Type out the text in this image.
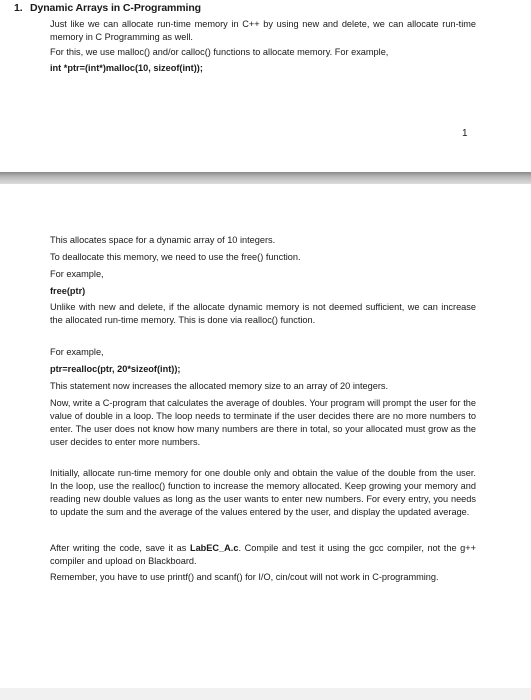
1. Dynamic Arrays in C-Programming

Just like we can allocate run-time memory in C++ by using new and delete, we can allocate run-time memory in C Programming as well.

For this, we use malloc() and/or calloc() functions to allocate memory. For example,

int *ptr=(int*)malloc(10, sizeof(int));

1

This allocates space for a dynamic array of 10 integers.

To deallocate this memory, we need to use the free() function.

For example,

free(ptr)

Unlike with new and delete, if the allocate dynamic memory is not deemed sufficient, we can increase the allocated run-time memory. This is done via realloc() function.

For example,

ptr=realloc(ptr, 20*sizeof(int));

This statement now increases the allocated memory size to an array of 20 integers.

Now, write a C-program that calculates the average of doubles. Your program will prompt the user for the value of double in a loop. The loop needs to terminate if the user decides there are no more numbers to enter. The user does not know how many numbers are there in total, so your allocated must grow as the user decides to enter more numbers.

Initially, allocate run-time memory for one double only and obtain the value of the double from the user. In the loop, use the realloc() function to increase the memory allocated. Keep growing your memory and reading new double values as long as the user wants to enter new numbers. For every entry, you needs to update the sum and the average of the values entered by the user, and display the updated average.

After writing the code, save it as LabEC_A.c. Compile and test it using the gcc compiler, not the g++ compiler and upload on Blackboard.

Remember, you have to use printf() and scanf() for I/O, cin/cout will not work in C-programming.
